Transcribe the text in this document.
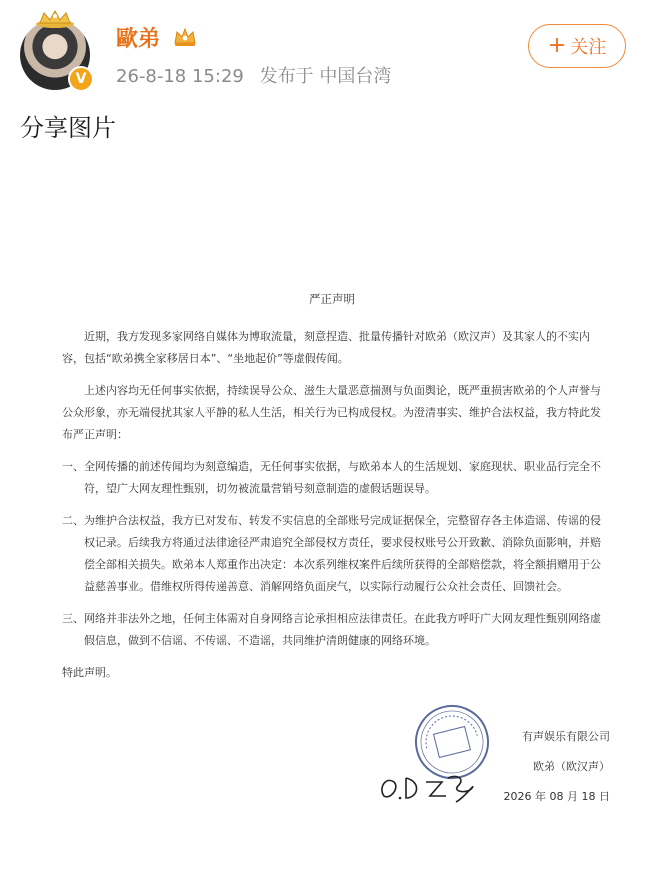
V
歐弟
26-8-18 15:29 发布于 中国台湾
+ 关注
分享图片
严正声明

近期，我方发现多家网络自媒体为博取流量，刻意捏造、批量传播针对欧弟（欧汉声）及其家人的不实内容，包括“欧弟携全家移居日本”、“坐地起价”等虚假传闻。

上述内容均无任何事实依据，持续误导公众、滋生大量恶意揣测与负面舆论，既严重损害欧弟的个人声誉与公众形象，亦无端侵扰其家人平静的私人生活，相关行为已构成侵权。为澄清事实、维护合法权益，我方特此发布严正声明：

一、全网传播的前述传闻均为刻意编造，无任何事实依据，与欧弟本人的生活规划、家庭现状、职业品行完全不符，望广大网友理性甄别，切勿被流量营销号刻意制造的虚假话题误导。

二、为维护合法权益，我方已对发布、转发不实信息的全部账号完成证据保全，完整留存各主体造谣、传谣的侵权记录。后续我方将通过法律途径严肃追究全部侵权方责任，要求侵权账号公开致歉、消除负面影响，并赔偿全部相关损失。欧弟本人郑重作出决定：本次系列维权案件后续所获得的全部赔偿款，将全额捐赠用于公益慈善事业。借维权所得传递善意、消解网络负面戾气，以实际行动履行公众社会责任、回馈社会。

三、网络并非法外之地，任何主体需对自身网络言论承担相应法律责任。在此我方呼吁广大网友理性甄别网络虚假信息，做到不信谣、不传谣、不造谣，共同维护清朗健康的网络环境。

特此声明。

有声娱乐有限公司
欧弟（欧汉声）
2026 年 08 月 18 日
